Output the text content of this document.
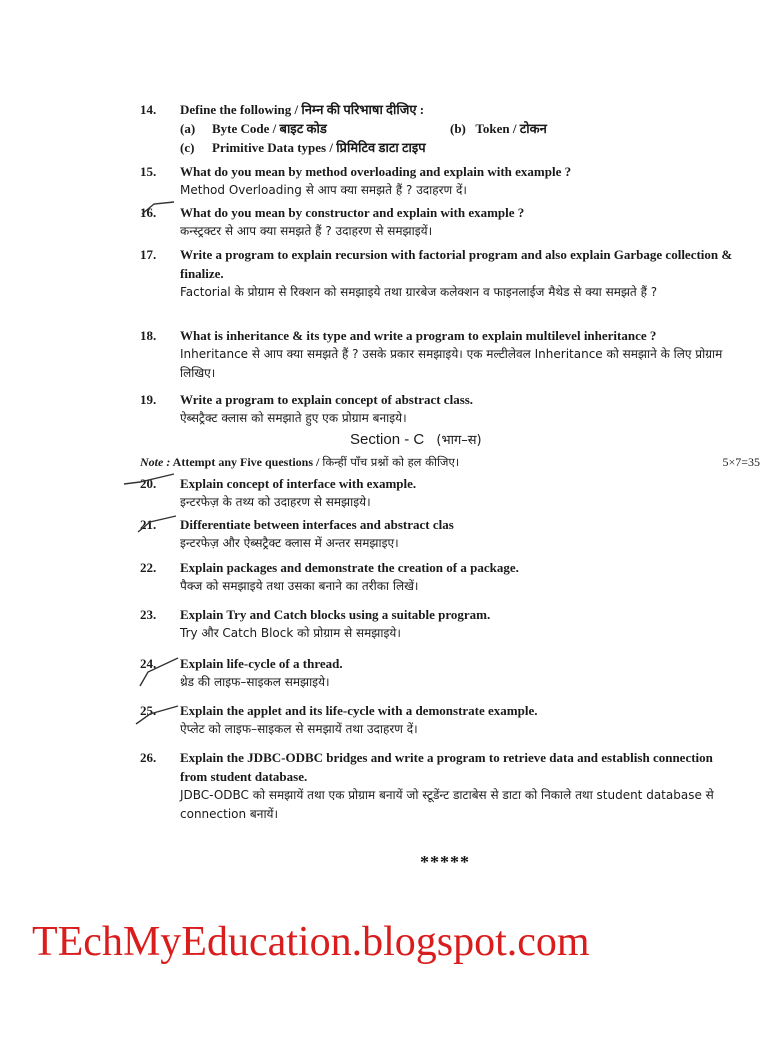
14.	Define the following / निम्न की परिभाषा दीजिए :
(a)	Byte Code / बाइट कोड	(b) Token / टोकन
(c)	Primitive Data types / प्रिमिटिव डाटा टाइप
15.	What do you mean by method overloading and explain with example ?
Method Overloading से आप क्या समझते हैं ? उदाहरण दें।
16.	What do you mean by constructor and explain with example ?
कन्स्ट्रक्टर से आप क्या समझते हैं ? उदाहरण से समझाइयें।
17.	Write a program to explain recursion with factorial program and also explain Garbage collection & finalize.
Factorial के प्रोग्राम से रिक्शन को समझाइये तथा ग्रारबेज कलेक्शन व फाइनलाईज मैथेड से क्या समझते हैं ?
18.	What is inheritance & its type and write a program to explain multilevel inheritance ?
Inheritance से आप क्या समझते हैं ? उसके प्रकार समझाइये। एक मल्टीलेवल Inheritance को समझाने के लिए प्रोग्राम लिखिए।
19.	Write a program to explain concept of abstract class.
ऐब्सट्रैक्ट क्लास को समझाते हुए एक प्रोग्राम बनाइये।
Section - C (भाग–स)
Note : Attempt any Five questions / किन्हीं पाँच प्रश्नों को हल कीजिए।	5×7=35
20.	Explain concept of interface with example.
इन्टरफेज़ के तथ्य को उदाहरण से समझाइये।
21.	Differentiate between interfaces and abstract clas
इन्टरफेज़ और ऐब्सट्रैक्ट क्लास में अन्तर समझाइए।
22.	Explain packages and demonstrate the creation of a package.
पैक्ज को समझाइये तथा उसका बनाने का तरीका लिखें।
23.	Explain Try and Catch blocks using a suitable program.
Try और Catch Block को प्रोग्राम से समझाइये।
24.	Explain life-cycle of a thread.
थ्रेड की लाइफ–साइकल समझाइये।
25.	Explain the applet and its life-cycle with a demonstrate example.
ऐप्लेट को लाइफ–साइकल से समझायें तथा उदाहरण दें।
26.	Explain the JDBC-ODBC bridges and write a program to retrieve data and establish connection from student database.
JDBC-ODBC को समझायें तथा एक प्रोग्राम बनायें जो स्टूडेंन्ट डाटाबेस से डाटा को निकाले तथा student database से connection बनायें।
*****
TEchMyEducation.blogspot.com
